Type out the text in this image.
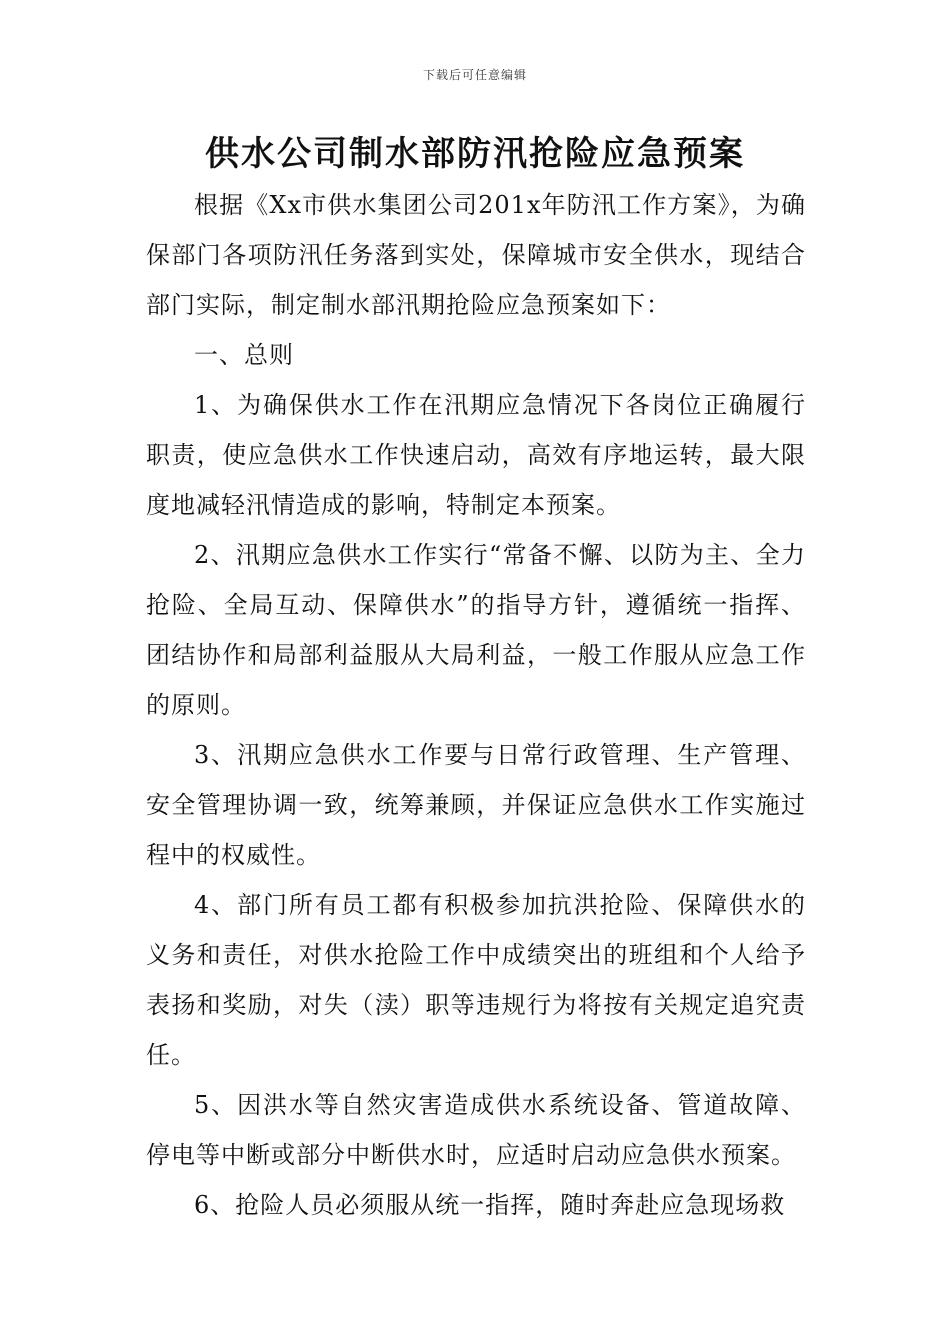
下载后可任意编辑
供水公司制水部防汛抢险应急预案

根据《Xx市供水集团公司201x年防汛工作方案》，为确保部门各项防汛任务落到实处，保障城市安全供水，现结合部门实际，制定制水部汛期抢险应急预案如下：

一、总则

1、为确保供水工作在汛期应急情况下各岗位正确履行职责，使应急供水工作快速启动，高效有序地运转，最大限度地减轻汛情造成的影响，特制定本预案。

2、汛期应急供水工作实行“常备不懈、以防为主、全力抢险、全局互动、保障供水”的指导方针，遵循统一指挥、团结协作和局部利益服从大局利益，一般工作服从应急工作的原则。

3、汛期应急供水工作要与日常行政管理、生产管理、安全管理协调一致，统筹兼顾，并保证应急供水工作实施过程中的权威性。

4、部门所有员工都有积极参加抗洪抢险、保障供水的义务和责任，对供水抢险工作中成绩突出的班组和个人给予表扬和奖励，对失（渎）职等违规行为将按有关规定追究责任。

5、因洪水等自然灾害造成供水系统设备、管道故障、停电等中断或部分中断供水时，应适时启动应急供水预案。

6、抢险人员必须服从统一指挥，随时奔赴应急现场救
